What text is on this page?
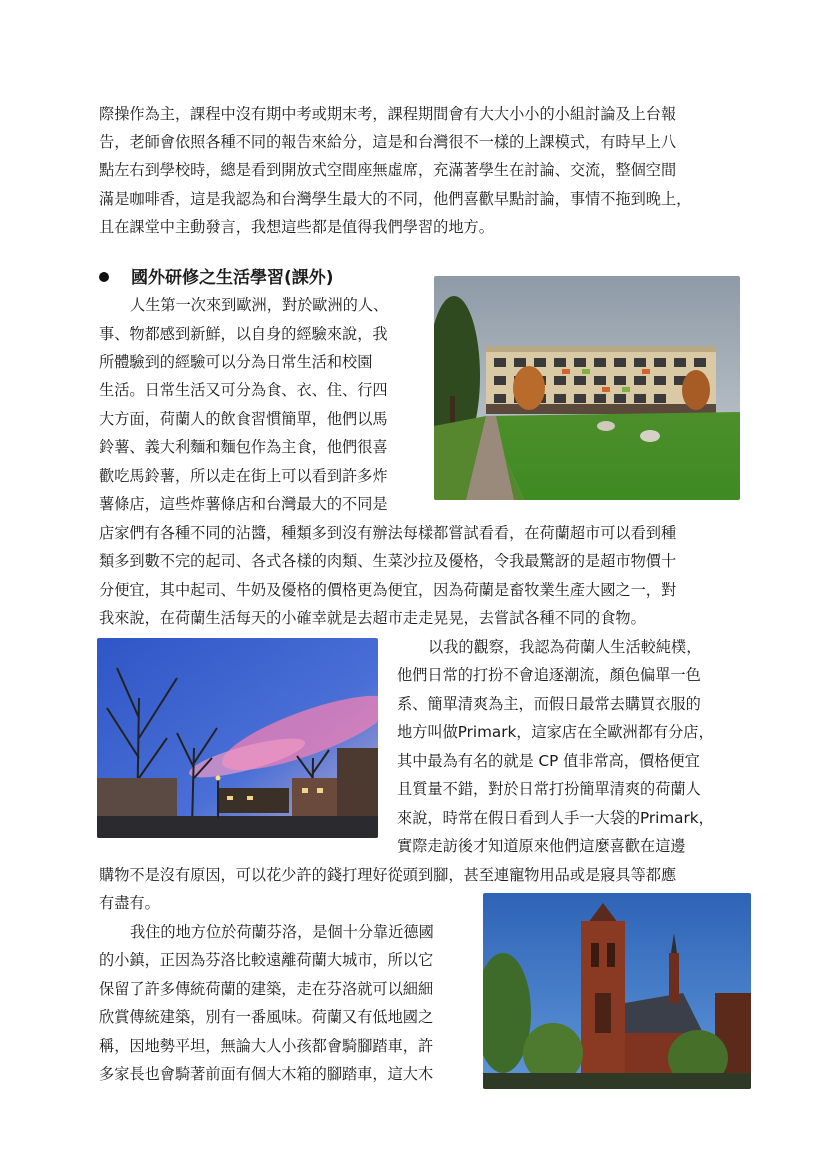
際操作為主，課程中沒有期中考或期末考，課程期間會有大大小小的小組討論及上台報
告，老師會依照各種不同的報告來給分，這是和台灣很不一樣的上課模式，有時早上八
點左右到學校時，總是看到開放式空間座無虛席，充滿著學生在討論、交流，整個空間
滿是咖啡香，這是我認為和台灣學生最大的不同，他們喜歡早點討論，事情不拖到晚上，
且在課堂中主動發言，我想這些都是值得我們學習的地方。
國外研修之生活學習(課外)
人生第一次來到歐洲，對於歐洲的人、
事、物都感到新鮮，以自身的經驗來說，我
所體驗到的經驗可以分為日常生活和校園
生活。日常生活又可分為食、衣、住、行四
大方面，荷蘭人的飲食習慣簡單，他們以馬
鈴薯、義大利麵和麵包作為主食，他們很喜
歡吃馬鈴薯，所以走在街上可以看到許多炸
薯條店，這些炸薯條店和台灣最大的不同是
店家們有各種不同的沾醬，種類多到沒有辦法每樣都嘗試看看，在荷蘭超市可以看到種
類多到數不完的起司、各式各樣的肉類、生菜沙拉及優格，令我最驚訝的是超市物價十
分便宜，其中起司、牛奶及優格的價格更為便宜，因為荷蘭是畜牧業生產大國之一，對
我來說，在荷蘭生活每天的小確幸就是去超市走走晃晃，去嘗試各種不同的食物。
以我的觀察，我認為荷蘭人生活較純樸，
他們日常的打扮不會追逐潮流，顏色偏單一色
系、簡單清爽為主，而假日最常去購買衣服的
地方叫做Primark，這家店在全歐洲都有分店，
其中最為有名的就是 CP 值非常高，價格便宜
且質量不錯，對於日常打扮簡單清爽的荷蘭人
來說，時常在假日看到人手一大袋的Primark，
實際走訪後才知道原來他們這麼喜歡在這邊
購物不是沒有原因，可以花少許的錢打理好從頭到腳，甚至連寵物用品或是寢具等都應
有盡有。
我住的地方位於荷蘭芬洛，是個十分靠近德國
的小鎮，正因為芬洛比較遠離荷蘭大城市，所以它
保留了許多傳統荷蘭的建築，走在芬洛就可以細細
欣賞傳統建築，別有一番風味。荷蘭又有低地國之
稱，因地勢平坦，無論大人小孩都會騎腳踏車，許
多家長也會騎著前面有個大木箱的腳踏車，這大木
